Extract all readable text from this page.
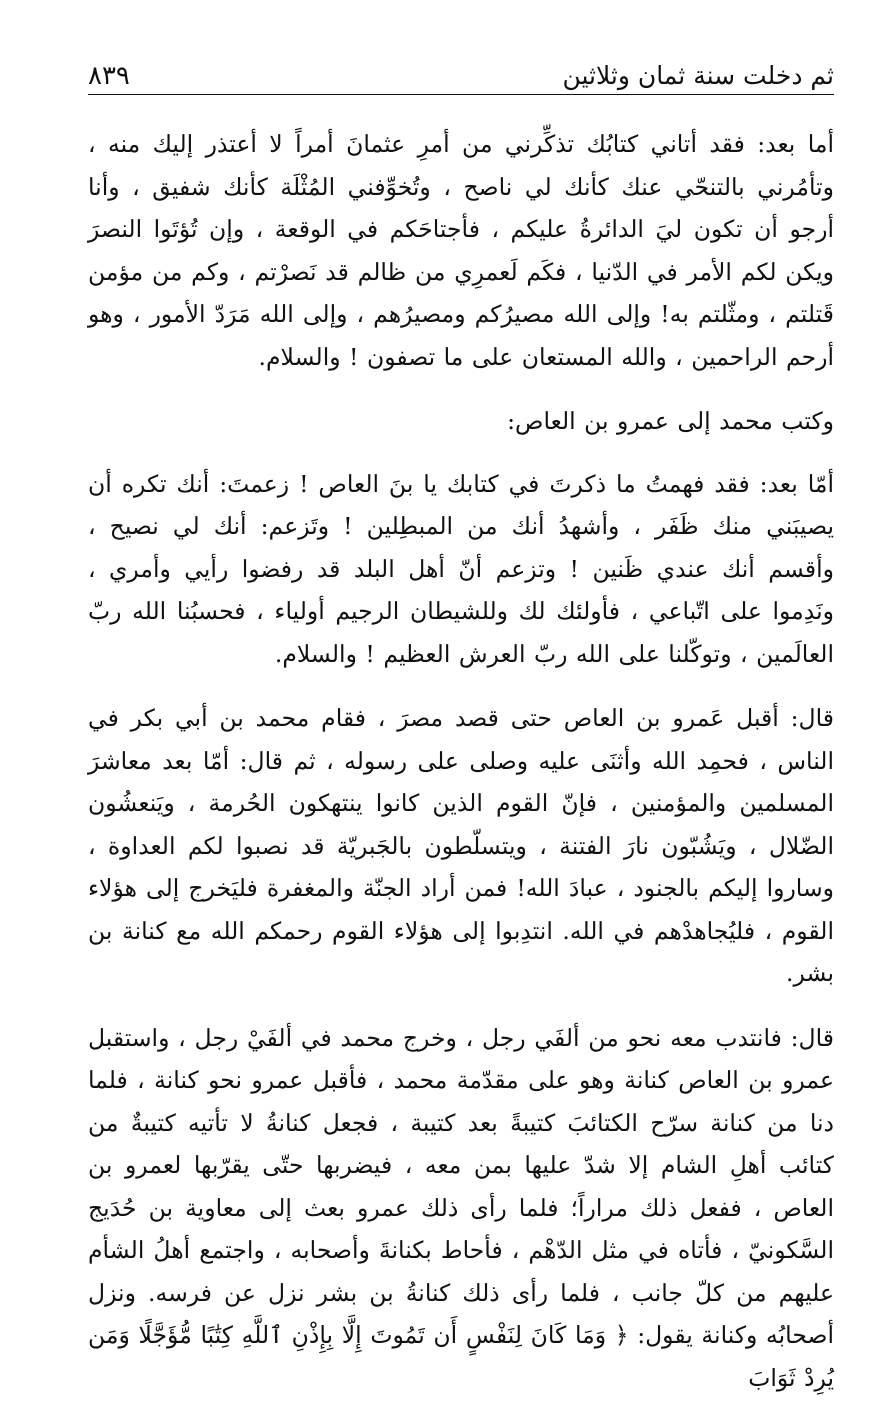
ثم دخلت سنة ثمان وثلاثين
٨٣٩

أما بعد: فقد أتاني كتابُك تذكِّرني من أمرِ عثمانَ أمراً لا أعتذر إليك منه ، وتأمُرني بالتنحّي عنك كأنك لي ناصح ، وتُخوِّفني المُثْلَة كأنك شفيق ، وأنا أرجو أن تكون ليَ الدائرةُ عليكم ، فأجتاحَكم في الوقعة ، وإن تُؤتَوا النصرَ ويكن لكم الأمر في الدّنيا ، فكَم لَعمرِي من ظالم قد نَصرْتم ، وكم من مؤمن قَتلتم ، ومثّلتم به! وإلى الله مصيرُكم ومصيرُهم ، وإلى الله مَرَدّ الأمور ، وهو أرحم الراحمين ، والله المستعان على ما تصفون ! والسلام.

وكتب محمد إلى عمرو بن العاص:

أمّا بعد: فقد فهمتُ ما ذكرتَ في كتابك يا بنَ العاص ! زعمتَ: أنك تكره أن يصيبَني منك ظَفَر ، وأشهدُ أنك من المبطِلين ! وتَزعم: أنك لي نصيح ، وأقسم أنك عندي ظَنين ! وتزعم أنّ أهل البلد قد رفضوا رأيي وأمري ، ونَدِموا على اتّباعي ، فأولئك لك وللشيطان الرجيم أولياء ، فحسبُنا الله ربّ العالَمين ، وتوكّلنا على الله ربّ العرش العظيم ! والسلام.

قال: أقبل عَمرو بن العاص حتى قصد مصرَ ، فقام محمد بن أبي بكر في الناس ، فحمِد الله وأثنَى عليه وصلى على رسوله ، ثم قال: أمّا بعد معاشرَ المسلمين والمؤمنين ، فإنّ القوم الذين كانوا ينتهكون الحُرمة ، ويَنعشُون الضّلال ، ويَشُبّون نارَ الفتنة ، ويتسلّطون بالجَبريّة قد نصبوا لكم العداوة ، وساروا إليكم بالجنود ، عبادَ الله! فمن أراد الجنّة والمغفرة فليَخرج إلى هؤلاء القوم ، فليُجاهدْهم في الله. انتدِبوا إلى هؤلاء القوم رحمكم الله مع كنانة بن بشر.

قال: فانتدب معه نحو من ألفَي رجل ، وخرج محمد في ألفَيْ رجل ، واستقبل عمرو بن العاص كنانة وهو على مقدّمة محمد ، فأقبل عمرو نحو كنانة ، فلما دنا من كنانة سرّح الكتائبَ كتيبةً بعد كتيبة ، فجعل كنانةُ لا تأتيه كتيبةٌ من كتائب أهلِ الشام إلا شدّ عليها بمن معه ، فيضربها حتّى يقرّبها لعمرو بن العاص ، ففعل ذلك مراراً؛ فلما رأى ذلك عمرو بعث إلى معاوية بن حُدَيج السَّكونيّ ، فأتاه في مثل الدّهْم ، فأحاط بكنانةَ وأصحابه ، واجتمع أهلُ الشأم عليهم من كلّ جانب ، فلما رأى ذلك كنانةُ بن بشر نزل عن فرسه. ونزل أصحابُه وكنانة يقول: ﴿ وَمَا كَانَ لِنَفْسٍ أَن تَمُوتَ إِلَّا بِإِذْنِ ٱللَّهِ كِتَٰبًا مُّؤَجَّلًا وَمَن يُرِدْ ثَوَابَ
